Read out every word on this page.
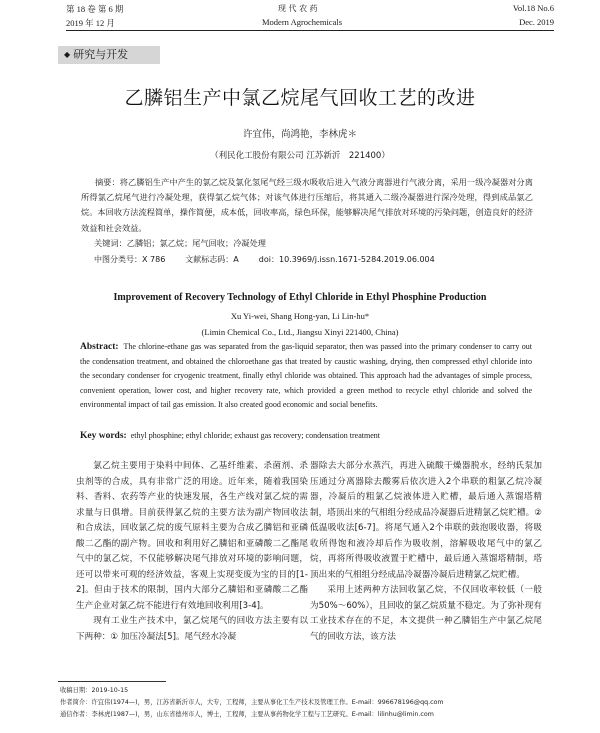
第 18 卷 第 6 期	现 代 农 药	Vol.18 No.6
2019 年 12 月	Modern Agrochemicals	Dec. 2019
◆ 研究与开发
乙膦铝生产中氯乙烷尾气回收工艺的改进
许宜伟，尚鸿艳，李林虎＊
（利民化工股份有限公司 江苏新沂　221400）
摘要：将乙膦铝生产中产生的氯乙烷及氯化氢尾气经三级水吸收后进入气液分离器进行气液分离，采用一级冷凝器对分离所得氯乙烷尾气进行冷凝处理，获得氯乙烷气体；对该气体进行压缩后，将其通入二级冷凝器进行深冷处理，得到成品氯乙烷。本回收方法流程简单，操作简便，成本低，回收率高，绿色环保，能够解决尾气排放对环境的污染问题，创造良好的经济效益和社会效益。
关键词：乙膦铝；氯乙烷；尾气回收；冷凝处理
中图分类号：X 786	文献标志码：A	doi：10.3969/j.issn.1671-5284.2019.06.004
Improvement of Recovery Technology of Ethyl Chloride in Ethyl Phosphine Production
Xu Yi-wei, Shang Hong-yan, Li Lin-hu*
(Limin Chemical Co., Ltd., Jiangsu Xinyi 221400, China)
Abstract: The chlorine-ethane gas was separated from the gas-liquid separator, then was passed into the primary condenser to carry out the condensation treatment, and obtained the chloroethane gas that treated by caustic washing, drying, then compressed ethyl chloride into the secondary condenser for cryogenic treatment, finally ethyl chloride was obtained. This approach had the advantages of simple process, convenient operation, lower cost, and higher recovery rate, which provided a green method to recycle ethyl chloride and solved the environmental impact of tail gas emission. It also created good economic and social benefits.
Key words: ethyl phosphine; ethyl chloride; exhaust gas recovery; condensation treatment

氯乙烷主要用于染料中间体、乙基纤维素、杀菌剂、杀虫剂等的合成，具有非常广泛的用途。近年来，随着我国染料、香料、农药等产业的快速发展，各生产线对氯乙烷的需求量与日俱增。目前获得氯乙烷的主要方法为副产物回收法和合成法，回收氯乙烷的废气原料主要为合成乙膦铝和亚磷酸二乙酯的副产物。回收和利用好乙膦铝和亚磷酸二乙酯尾气中的氯乙烷，不仅能够解决尾气排放对环境的影响问题，还可以带来可观的经济效益，客观上实现变废为宝的目的[1-2]。但由于技术的限制，国内大部分乙膦铝和亚磷酸二乙酯生产企业对氯乙烷不能进行有效地回收利用[3-4]。

现有工业生产技术中，氯乙烷尾气的回收方法主要有以下两种：① 加压冷凝法[5]。尾气经水冷凝

器除去大部分水蒸汽，再进入硫酸干燥器脱水，经纳氏泵加压通过分离器除去酸雾后依次进入2个串联的粗氯乙烷冷凝器，冷凝后的粗氯乙烷液体进入贮槽，最后通入蒸馏塔精制，塔顶出来的气相组分经成品冷凝器后进精氯乙烷贮槽。② 低温吸收法[6-7]。将尾气通入2个串联的鼓泡吸收器，将吸收所得饱和液冷却后作为吸收剂，溶解吸收尾气中的氯乙烷，再将所得吸收液置于贮槽中，最后通入蒸馏塔精制，塔顶出来的气相组分经成品冷凝器冷凝后进精氯乙烷贮槽。

采用上述两种方法回收氯乙烷，不仅回收率较低（一般为50%～60%），且回收的氯乙烷质量不稳定。为了弥补现有工业技术存在的不足，本文提供一种乙膦铝生产中氯乙烷尾气的回收方法，该方法

收稿日期：2019-10-15
作者简介：许宜伟(1974—)，男，江苏省新沂市人，大专，工程师，主要从事化工生产技术及管理工作。E-mail：996678196@qq.com
通信作者：李林虎(1987—)，男，山东省德州市人，博士，工程师，主要从事药物化学工程与工艺研究。E-mail：lilinhu@limin.com
